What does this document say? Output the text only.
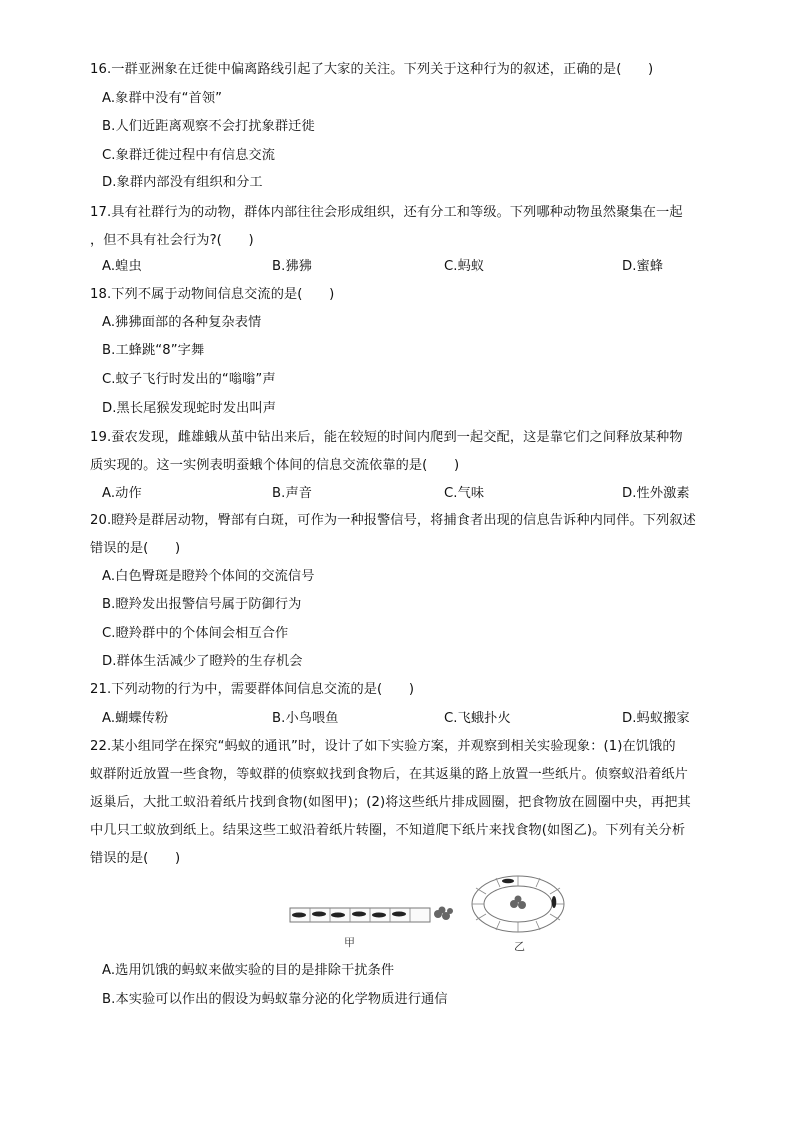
16.一群亚洲象在迁徙中偏离路线引起了大家的关注。下列关于这种行为的叙述，正确的是(　　)
A.象群中没有“首领”
B.人们近距离观察不会打扰象群迁徙
C.象群迁徙过程中有信息交流
D.象群内部没有组织和分工
17.具有社群行为的动物，群体内部往往会形成组织，还有分工和等级。下列哪种动物虽然聚集在一起
，但不具有社会行为?(　　)
A.蝗虫	B.狒狒	C.蚂蚁	D.蜜蜂
18.下列不属于动物间信息交流的是(　　)
A.狒狒面部的各种复杂表情
B.工蜂跳“8”字舞
C.蚊子飞行时发出的“嗡嗡”声
D.黑长尾猴发现蛇时发出叫声
19.蚕农发现，雌雄蛾从茧中钻出来后，能在较短的时间内爬到一起交配，这是靠它们之间释放某种物
质实现的。这一实例表明蚕蛾个体间的信息交流依靠的是(　　)
A.动作	B.声音	C.气味	D.性外激素
20.瞪羚是群居动物，臀部有白斑，可作为一种报警信号，将捕食者出现的信息告诉种内同伴。下列叙述
错误的是(　　)
A.白色臀斑是瞪羚个体间的交流信号
B.瞪羚发出报警信号属于防御行为
C.瞪羚群中的个体间会相互合作
D.群体生活减少了瞪羚的生存机会
21.下列动物的行为中，需要群体间信息交流的是(　　)
A.蝴蝶传粉	B.小鸟喂鱼	C.飞蛾扑火	D.蚂蚁搬家
22.某小组同学在探究“蚂蚁的通讯”时，设计了如下实验方案，并观察到相关实验现象：(1)在饥饿的
蚁群附近放置一些食物，等蚁群的侦察蚁找到食物后，在其返巢的路上放置一些纸片。侦察蚁沿着纸片
返巢后，大批工蚁沿着纸片找到食物(如图甲)；(2)将这些纸片排成圆圈，把食物放在圆圈中央，再把其
中几只工蚁放到纸上。结果这些工蚁沿着纸片转圈，不知道爬下纸片来找食物(如图乙)。下列有关分析
错误的是(　　)
甲	乙
A.选用饥饿的蚂蚁来做实验的目的是排除干扰条件
B.本实验可以作出的假设为蚂蚁靠分泌的化学物质进行通信
